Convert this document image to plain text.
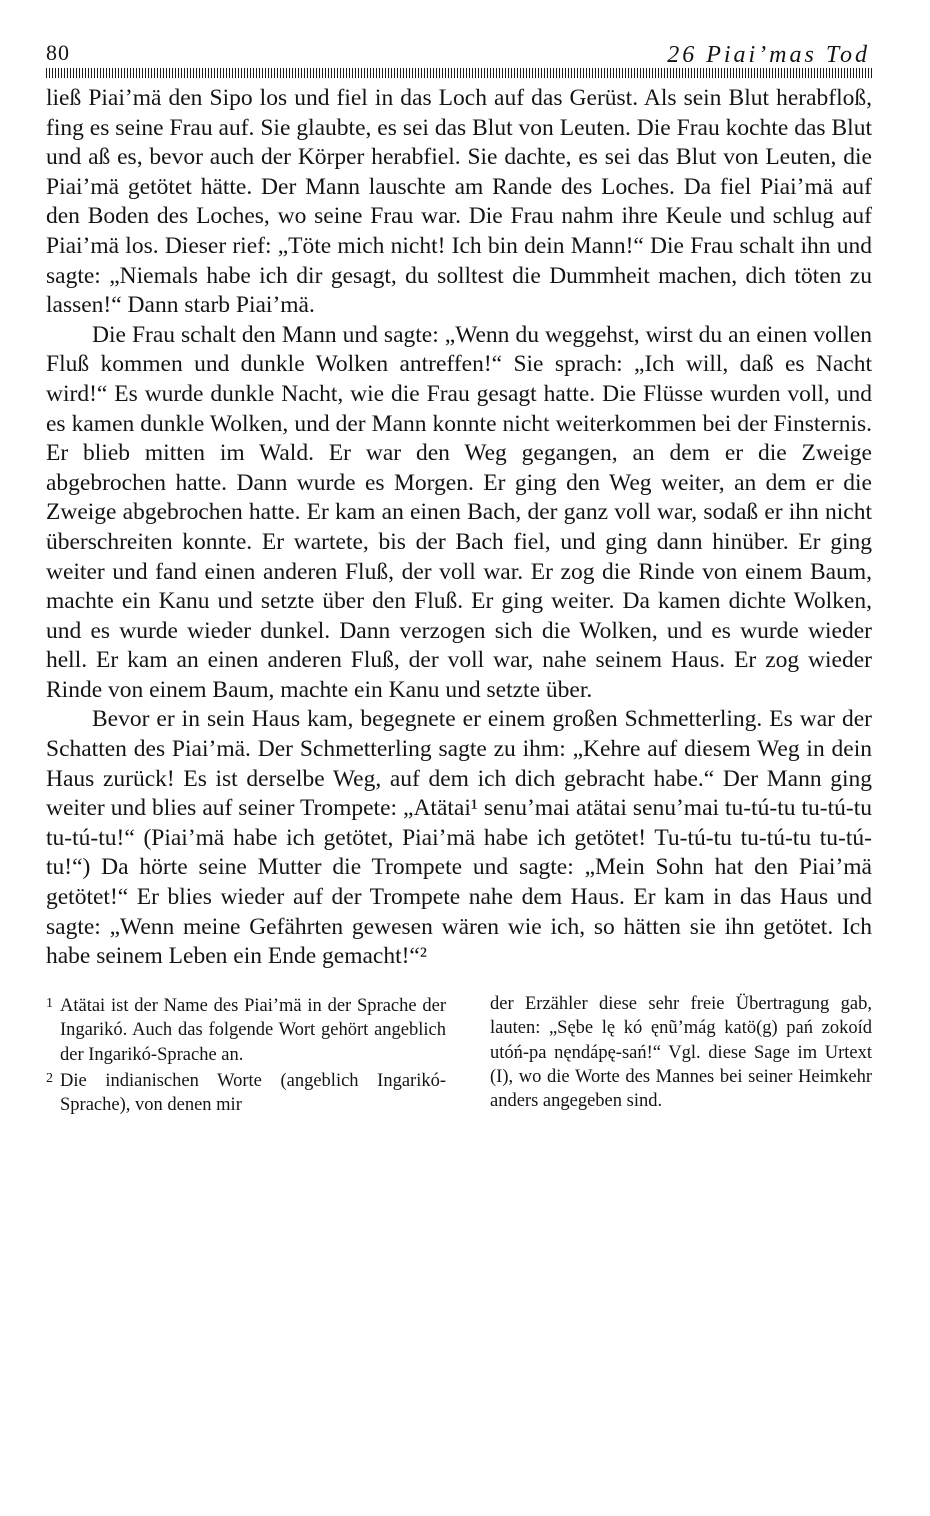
80	26 Piai’mas Tod

ließ Piai’mä den Sipo los und fiel in das Loch auf das Gerüst. Als sein Blut herabfloß, fing es seine Frau auf. Sie glaubte, es sei das Blut von Leuten. Die Frau kochte das Blut und aß es, bevor auch der Körper herabfiel. Sie dachte, es sei das Blut von Leuten, die Piai’mä getötet hätte. Der Mann lauschte am Rande des Loches. Da fiel Piai’mä auf den Boden des Loches, wo seine Frau war. Die Frau nahm ihre Keule und schlug auf Piai’mä los. Dieser rief: „Töte mich nicht! Ich bin dein Mann!“ Die Frau schalt ihn und sagte: „Niemals habe ich dir gesagt, du solltest die Dummheit machen, dich töten zu lassen!“ Dann starb Piai’mä.

Die Frau schalt den Mann und sagte: „Wenn du weggehst, wirst du an einen vollen Fluß kommen und dunkle Wolken antreffen!“ Sie sprach: „Ich will, daß es Nacht wird!“ Es wurde dunkle Nacht, wie die Frau gesagt hatte. Die Flüsse wurden voll, und es kamen dunkle Wolken, und der Mann konnte nicht weiterkommen bei der Finsternis. Er blieb mitten im Wald. Er war den Weg gegangen, an dem er die Zweige abgebrochen hatte. Dann wurde es Morgen. Er ging den Weg weiter, an dem er die Zweige abgebrochen hatte. Er kam an einen Bach, der ganz voll war, sodaß er ihn nicht überschreiten konnte. Er wartete, bis der Bach fiel, und ging dann hinüber. Er ging weiter und fand einen anderen Fluß, der voll war. Er zog die Rinde von einem Baum, machte ein Kanu und setzte über den Fluß. Er ging weiter. Da kamen dichte Wolken, und es wurde wieder dunkel. Dann verzogen sich die Wolken, und es wurde wieder hell. Er kam an einen anderen Fluß, der voll war, nahe seinem Haus. Er zog wieder Rinde von einem Baum, machte ein Kanu und setzte über.

Bevor er in sein Haus kam, begegnete er einem großen Schmetterling. Es war der Schatten des Piai’mä. Der Schmetterling sagte zu ihm: „Kehre auf diesem Weg in dein Haus zurück! Es ist derselbe Weg, auf dem ich dich gebracht habe.“ Der Mann ging weiter und blies auf seiner Trompete: „Atätai¹ senu’mai atätai senu’mai tu-tú-tu tu-tú-tu tu-tú-tu!“ (Piai’mä habe ich getötet, Piai’mä habe ich getötet! Tu-tú-tu tu-tú-tu tu-tú-tu!“) Da hörte seine Mutter die Trompete und sagte: „Mein Sohn hat den Piai’mä getötet!“ Er blies wieder auf der Trompete nahe dem Haus. Er kam in das Haus und sagte: „Wenn meine Gefährten gewesen wären wie ich, so hätten sie ihn getötet. Ich habe seinem Leben ein Ende gemacht!“²

1 Atätai ist der Name des Piai’mä in der Sprache der Ingarikó. Auch das folgende Wort gehört angeblich der Ingarikó-Sprache an.

2 Die indianischen Worte (angeblich Ingarikó-Sprache), von denen mir

der Erzähler diese sehr freie Übertragung gab, lauten: „Sębe lę kó ęnũ’mág katö(g) pań zokoíd utóń-pa nęndápę-sań!“ Vgl. diese Sage im Urtext (I), wo die Worte des Mannes bei seiner Heimkehr anders angegeben sind.
